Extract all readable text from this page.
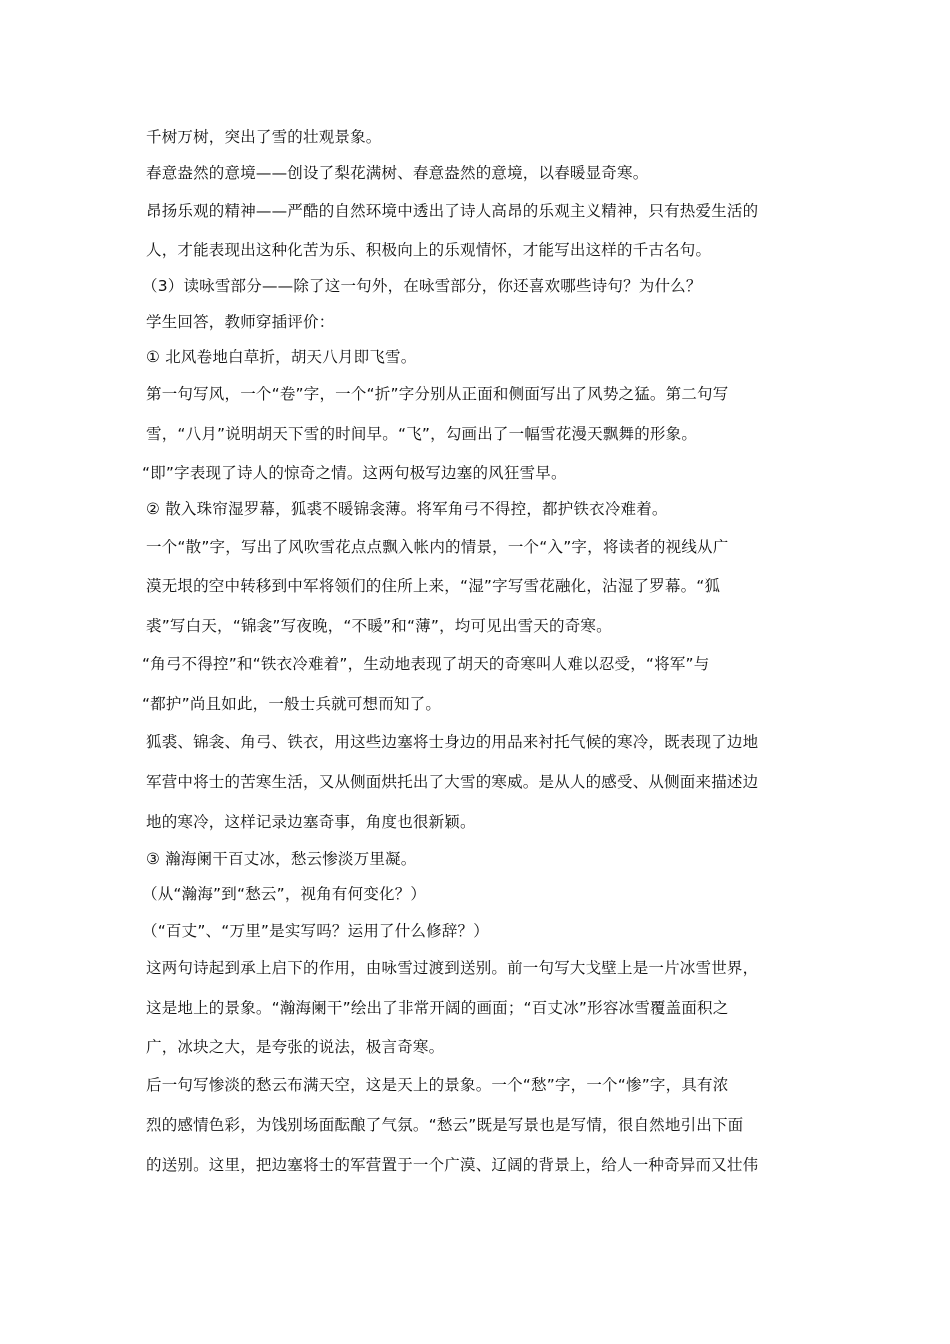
千树万树，突出了雪的壮观景象。
春意盎然的意境——创设了梨花满树、春意盎然的意境，以春暖显奇寒。
昂扬乐观的精神——严酷的自然环境中透出了诗人高昂的乐观主义精神，只有热爱生活的
人，才能表现出这种化苦为乐、积极向上的乐观情怀，才能写出这样的千古名句。
（3）读咏雪部分——除了这一句外，在咏雪部分，你还喜欢哪些诗句？为什么？
学生回答，教师穿插评价：
① 北风卷地白草折，胡天八月即飞雪。
第一句写风，一个“卷”字，一个“折”字分别从正面和侧面写出了风势之猛。第二句写
雪，“八月”说明胡天下雪的时间早。“飞”，勾画出了一幅雪花漫天飘舞的形象。
“即”字表现了诗人的惊奇之情。这两句极写边塞的风狂雪早。
② 散入珠帘湿罗幕，狐裘不暖锦衾薄。将军角弓不得控，都护铁衣冷难着。
一个“散”字，写出了风吹雪花点点飘入帐内的情景，一个“入”字，将读者的视线从广
漠无垠的空中转移到中军将领们的住所上来，“湿”字写雪花融化，沾湿了罗幕。“狐
裘”写白天，“锦衾”写夜晚，“不暖”和“薄”，均可见出雪天的奇寒。
“角弓不得控”和“铁衣冷难着”，生动地表现了胡天的奇寒叫人难以忍受，“将军”与
“都护”尚且如此，一般士兵就可想而知了。
狐裘、锦衾、角弓、铁衣，用这些边塞将士身边的用品来衬托气候的寒冷，既表现了边地
军营中将士的苦寒生活，又从侧面烘托出了大雪的寒威。是从人的感受、从侧面来描述边
地的寒冷，这样记录边塞奇事，角度也很新颖。
③ 瀚海阑干百丈冰，愁云惨淡万里凝。
（从“瀚海”到“愁云”，视角有何变化？）
（“百丈”、“万里”是实写吗？运用了什么修辞？）
这两句诗起到承上启下的作用，由咏雪过渡到送别。前一句写大戈壁上是一片冰雪世界，
这是地上的景象。“瀚海阑干”绘出了非常开阔的画面；“百丈冰”形容冰雪覆盖面积之
广，冰块之大，是夸张的说法，极言奇寒。
后一句写惨淡的愁云布满天空，这是天上的景象。一个“愁”字，一个“惨”字，具有浓
烈的感情色彩，为饯别场面酝酿了气氛。“愁云”既是写景也是写情，很自然地引出下面
的送别。这里，把边塞将士的军营置于一个广漠、辽阔的背景上，给人一种奇异而又壮伟
